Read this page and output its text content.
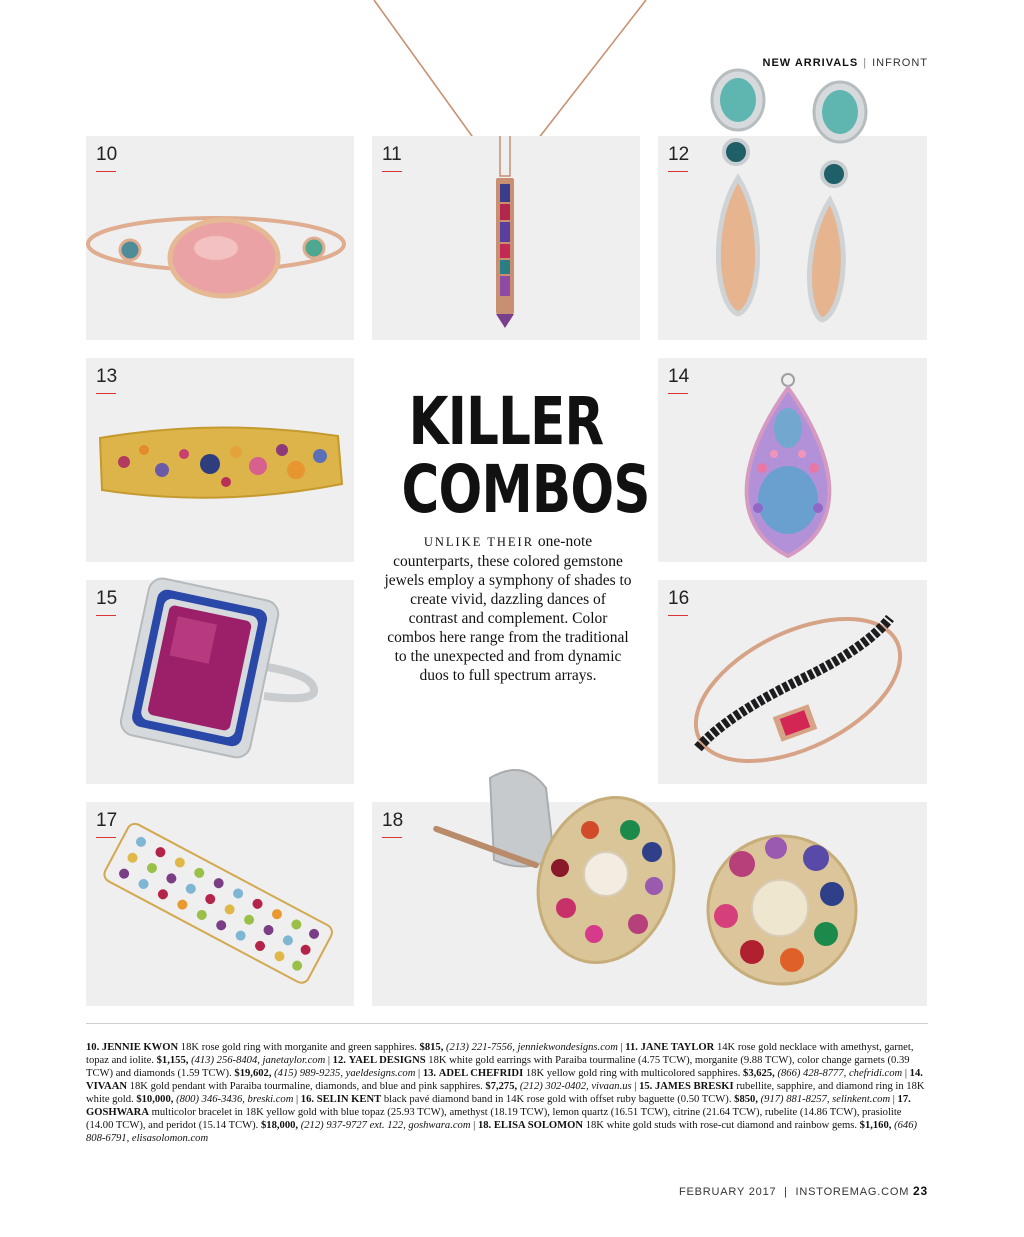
NEW ARRIVALS | INFRONT
10	11	12
13	14
KILLER
COMBOS
UNLIKE THEIR one-note counterparts, these colored gemstone jewels employ a symphony of shades to create vivid, dazzling dances of contrast and complement. Color combos here range from the traditional to the unexpected and from dynamic duos to full spectrum arrays.
15	16
17	18
10. JENNIE KWON 18K rose gold ring with morganite and green sapphires. $815, (213) 221-7556, jenniekwondesigns.com | 11. JANE TAYLOR 14K rose gold necklace with amethyst, garnet, topaz and iolite. $1,155, (413) 256-8404, janetaylor.com | 12. YAEL DESIGNS 18K white gold earrings with Paraiba tourmaline (4.75 TCW), morganite (9.88 TCW), color change garnets (0.39 TCW) and diamonds (1.59 TCW). $19,602, (415) 989-9235, yaeldesigns.com | 13. ADEL CHEFRIDI 18K yellow gold ring with multicolored sapphires. $3,625, (866) 428-8777, chefridi.com | 14. VIVAAN 18K gold pendant with Paraiba tourmaline, diamonds, and blue and pink sapphires. $7,275, (212) 302-0402, vivaan.us | 15. JAMES BRESKI rubellite, sapphire, and diamond ring in 18K white gold. $10,000, (800) 346-3436, breski.com | 16. SELIN KENT black pavé diamond band in 14K rose gold with offset ruby baguette (0.50 TCW). $850, (917) 881-8257, selinkent.com | 17. GOSHWARA multicolor bracelet in 18K yellow gold with blue topaz (25.93 TCW), amethyst (18.19 TCW), lemon quartz (16.51 TCW), citrine (21.64 TCW), rubelite (14.86 TCW), prasiolite (14.00 TCW), and peridot (15.14 TCW). $18,000, (212) 937-9727 ext. 122, goshwara.com | 18. ELISA SOLOMON 18K white gold studs with rose-cut diamond and rainbow gems. $1,160, (646) 808-6791, elisasolomon.com
FEBRUARY 2017  |  INSTOREMAG.COM 23
